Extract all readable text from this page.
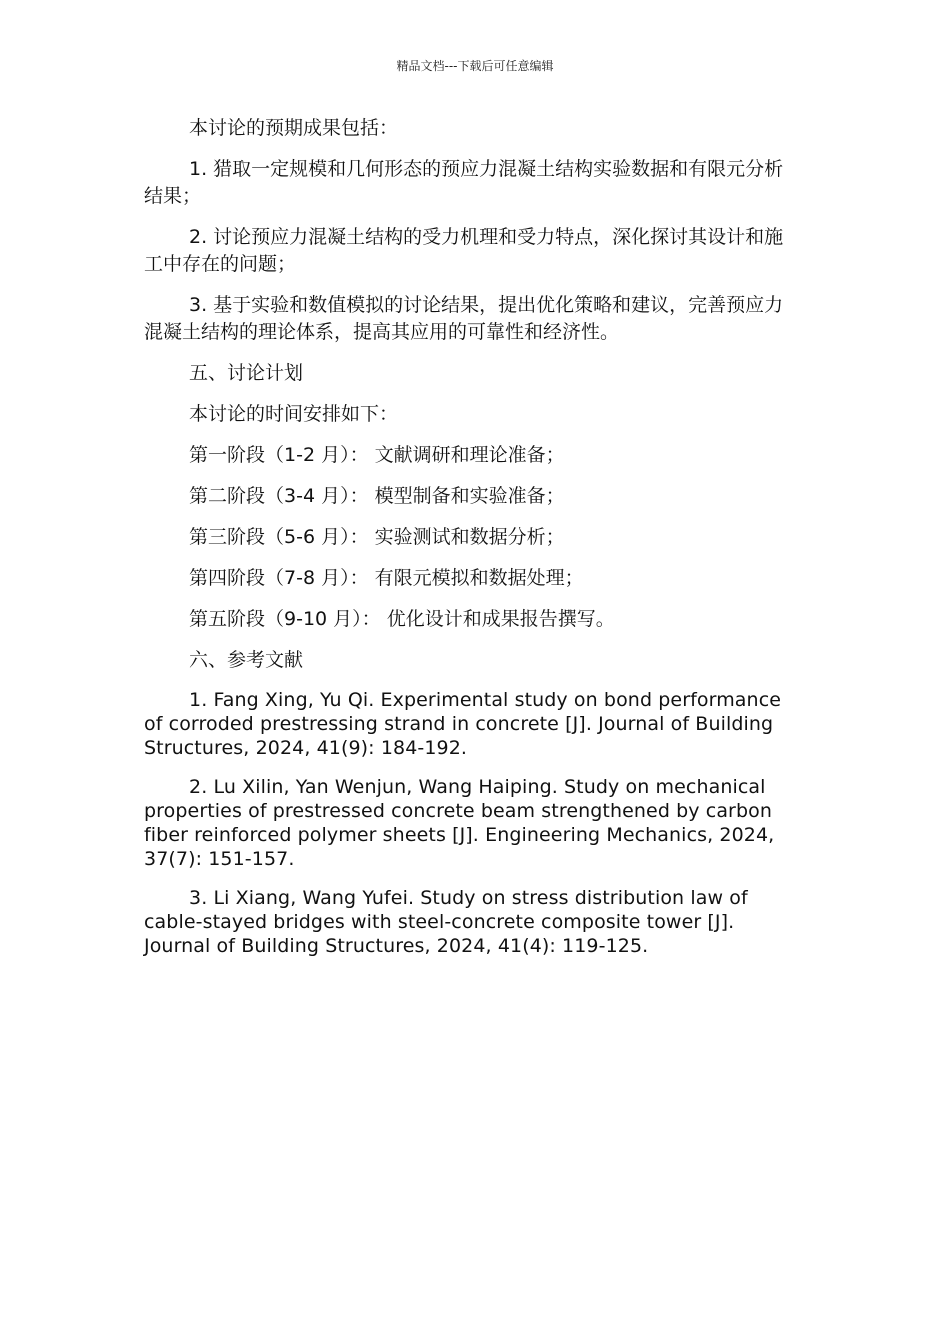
精品文档---下载后可任意编辑

本讨论的预期成果包括：

1. 猎取一定规模和几何形态的预应力混凝土结构实验数据和有限元分析结果；

2. 讨论预应力混凝土结构的受力机理和受力特点，深化探讨其设计和施工中存在的问题；

3. 基于实验和数值模拟的讨论结果，提出优化策略和建议，完善预应力混凝土结构的理论体系，提高其应用的可靠性和经济性。

五、讨论计划

本讨论的时间安排如下：

第一阶段（1-2 月）： 文献调研和理论准备；

第二阶段（3-4 月）： 模型制备和实验准备；

第三阶段（5-6 月）： 实验测试和数据分析；

第四阶段（7-8 月）： 有限元模拟和数据处理；

第五阶段（9-10 月）： 优化设计和成果报告撰写。

六、参考文献

1. Fang Xing, Yu Qi. Experimental study on bond performance of corroded prestressing strand in concrete [J]. Journal of Building Structures, 2024, 41(9): 184-192.

2. Lu Xilin, Yan Wenjun, Wang Haiping. Study on mechanical properties of prestressed concrete beam strengthened by carbon fiber reinforced polymer sheets [J]. Engineering Mechanics, 2024, 37(7): 151-157.

3. Li Xiang, Wang Yufei. Study on stress distribution law of cable-stayed bridges with steel-concrete composite tower [J]. Journal of Building Structures, 2024, 41(4): 119-125.
